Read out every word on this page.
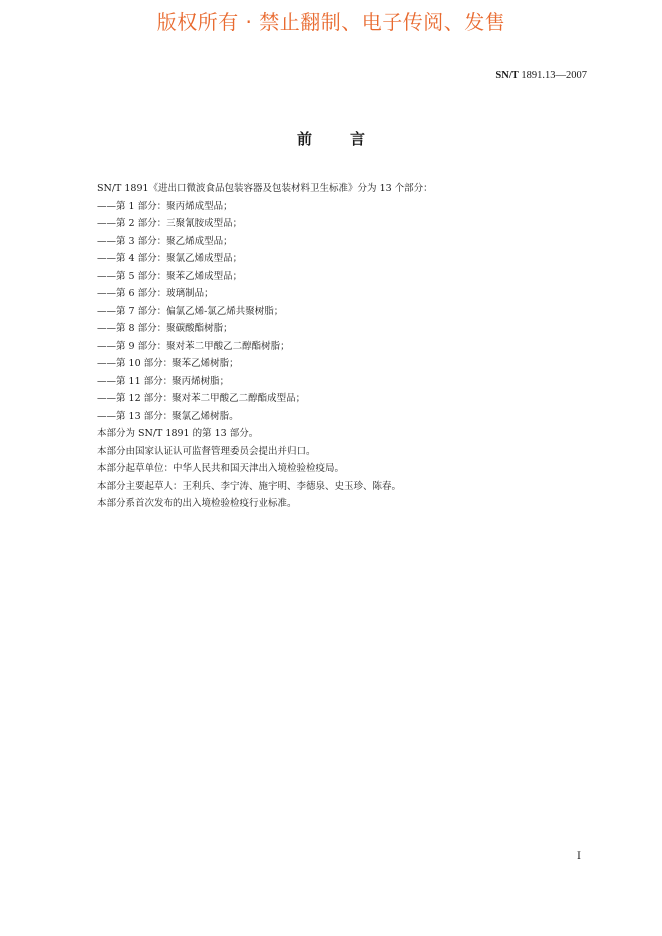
版权所有 · 禁止翻制、电子传阅、发售
SN/T 1891.13—2007
前言
SN/T 1891《进出口微波食品包装容器及包装材料卫生标准》分为 13 个部分：
——第 1 部分：聚丙烯成型品；
——第 2 部分：三聚氰胺成型品；
——第 3 部分：聚乙烯成型品；
——第 4 部分：聚氯乙烯成型品；
——第 5 部分：聚苯乙烯成型品；
——第 6 部分：玻璃制品；
——第 7 部分：偏氯乙烯-氯乙烯共聚树脂；
——第 8 部分：聚碳酸酯树脂；
——第 9 部分：聚对苯二甲酸乙二醇酯树脂；
——第 10 部分：聚苯乙烯树脂；
——第 11 部分：聚丙烯树脂；
——第 12 部分：聚对苯二甲酸乙二醇酯成型品；
——第 13 部分：聚氯乙烯树脂。
本部分为 SN/T 1891 的第 13 部分。
本部分由国家认证认可监督管理委员会提出并归口。
本部分起草单位：中华人民共和国天津出入境检验检疫局。
本部分主要起草人：王利兵、李宁涛、施宇明、李德泉、史玉珍、陈春。
本部分系首次发布的出入境检验检疫行业标准。
I
